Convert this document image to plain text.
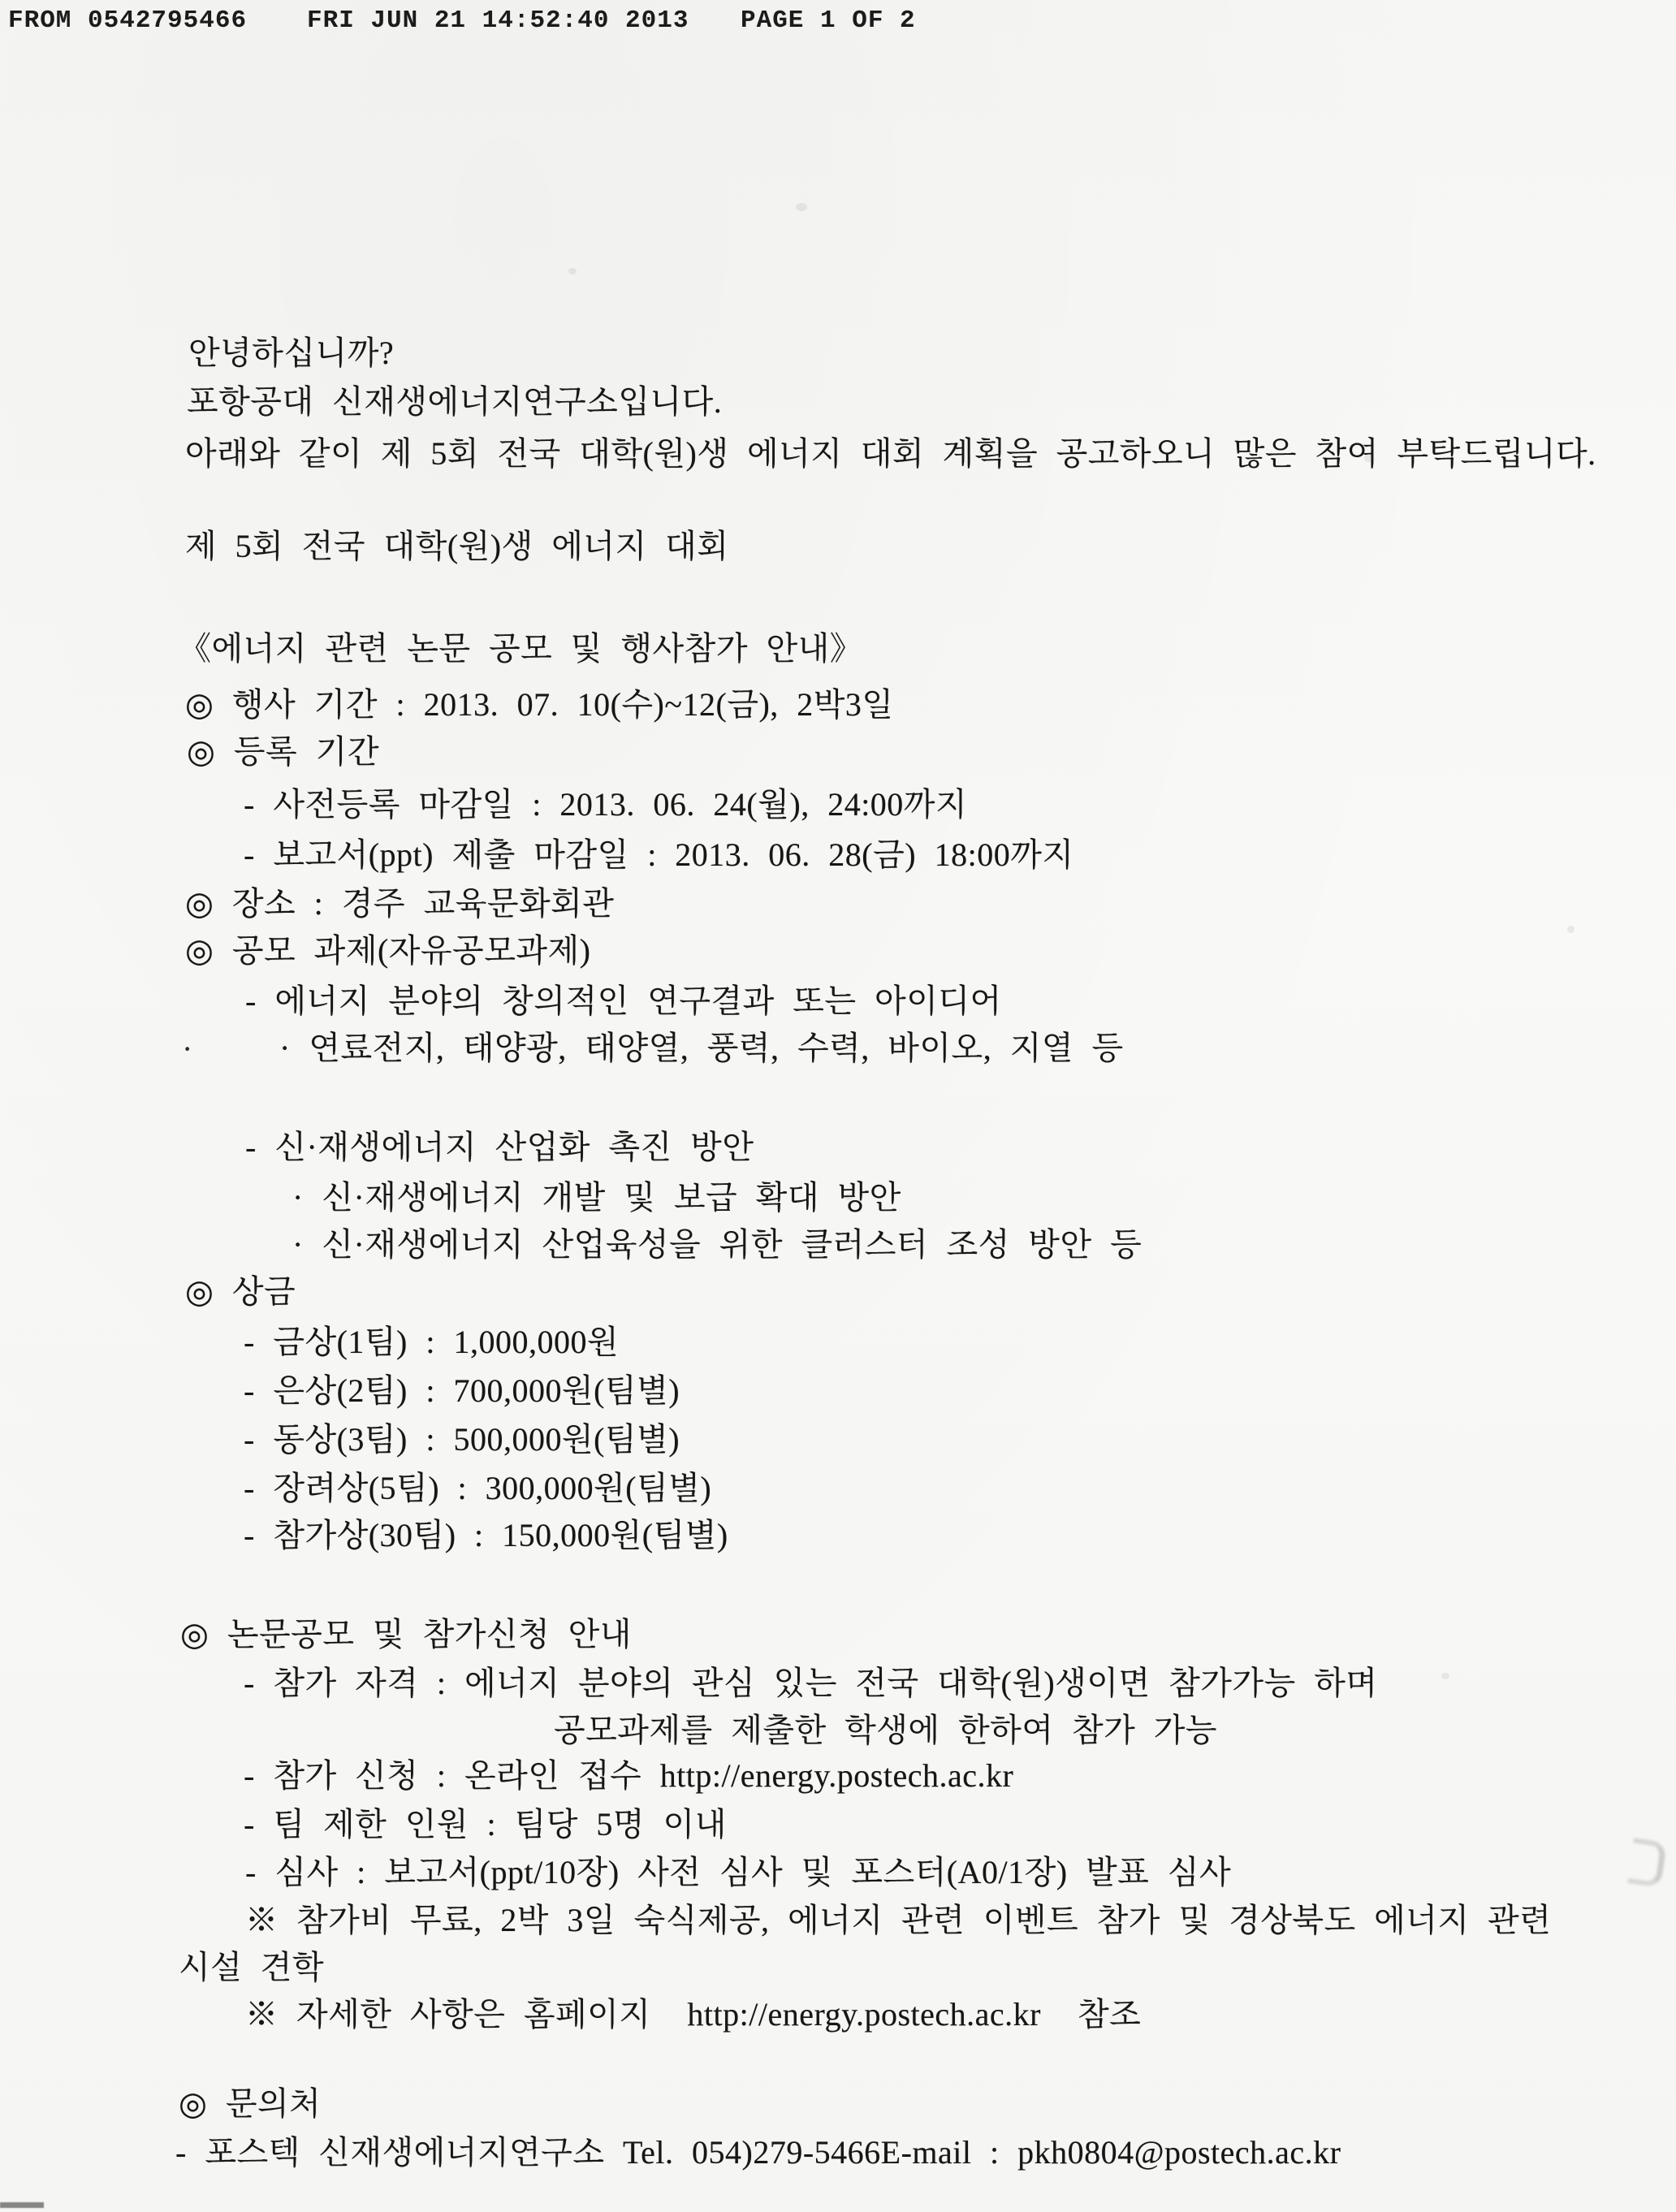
FROM 0542795466 FRI JUN 21 14:52:40 2013 PAGE 1 OF 2
안녕하십니까?
포항공대 신재생에너지연구소입니다.
아래와 같이 제 5회 전국 대학(원)생 에너지 대회 계획을 공고하오니 많은 참여 부탁드립니다.
제 5회 전국 대학(원)생 에너지 대회
《에너지 관련 논문 공모 및 행사참가 안내》
◎ 행사 기간 : 2013. 07. 10(수)~12(금), 2박3일
◎ 등록 기간
- 사전등록 마감일 : 2013. 06. 24(월), 24:00까지
- 보고서(ppt) 제출 마감일 : 2013. 06. 28(금) 18:00까지
◎ 장소 : 경주 교육문화회관
◎ 공모 과제(자유공모과제)
- 에너지 분야의 창의적인 연구결과 또는 아이디어
·	· 연료전지, 태양광, 태양열, 풍력, 수력, 바이오, 지열 등
- 신·재생에너지 산업화 촉진 방안
· 신·재생에너지 개발 및 보급 확대 방안
· 신·재생에너지 산업육성을 위한 클러스터 조성 방안 등
◎ 상금
- 금상(1팀) : 1,000,000원
- 은상(2팀) : 700,000원(팀별)
- 동상(3팀) : 500,000원(팀별)
- 장려상(5팀) : 300,000원(팀별)
- 참가상(30팀) : 150,000원(팀별)
◎ 논문공모 및 참가신청 안내
- 참가 자격 : 에너지 분야의 관심 있는 전국 대학(원)생이면 참가가능 하며
공모과제를 제출한 학생에 한하여 참가 가능
- 참가 신청 : 온라인 접수 http://energy.postech.ac.kr
- 팀 제한 인원 : 팀당 5명 이내
- 심사 : 보고서(ppt/10장) 사전 심사 및 포스터(A0/1장) 발표 심사
※ 참가비 무료, 2박 3일 숙식제공, 에너지 관련 이벤트 참가 및 경상북도 에너지 관련
시설 견학
※ 자세한 사항은 홈페이지  http://energy.postech.ac.kr  참조
◎ 문의처
- 포스텍 신재생에너지연구소 Tel. 054)279-5466E-mail : pkh0804@postech.ac.kr
